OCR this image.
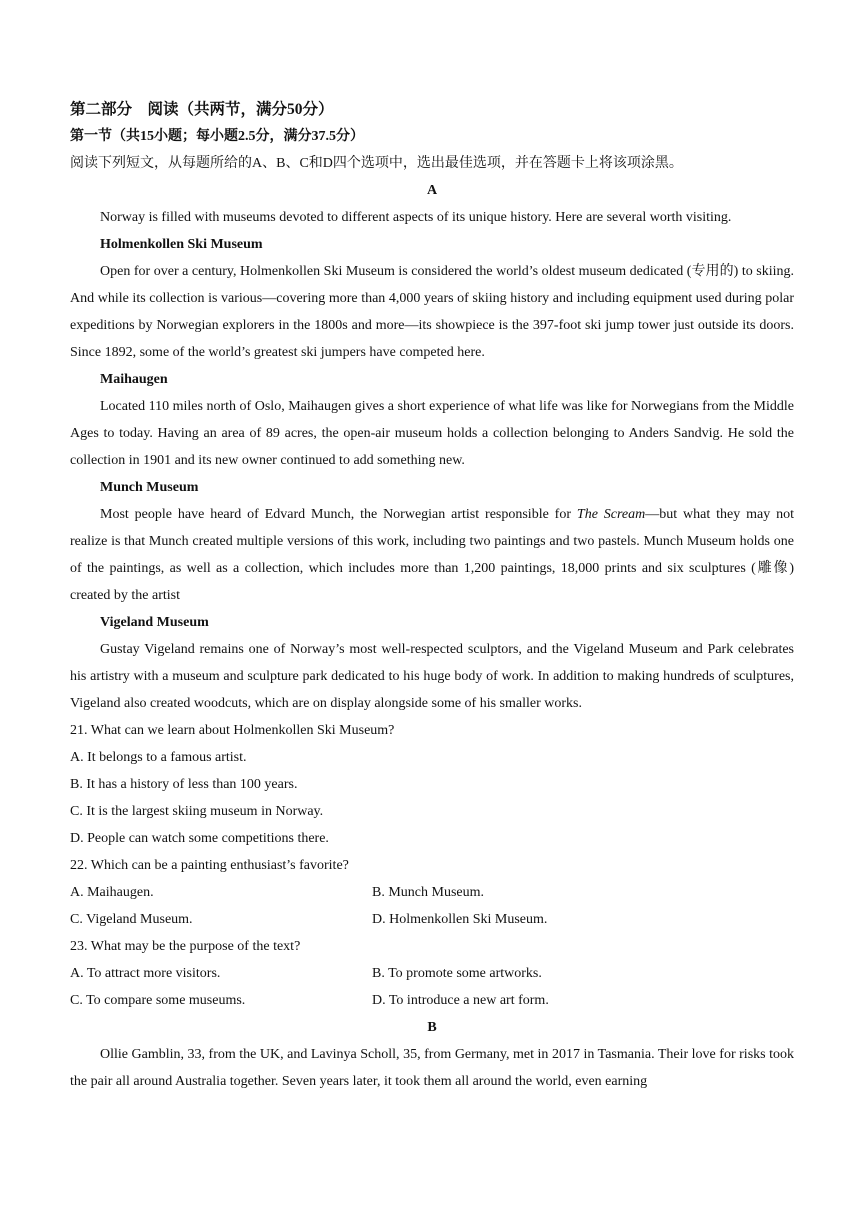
第二部分　阅读（共两节，满分50分）
第一节（共15小题；每小题2.5分，满分37.5分）
阅读下列短文，从每题所给的A、B、C和D四个选项中，选出最佳选项，并在答题卡上将该项涂黑。
A

Norway is filled with museums devoted to different aspects of its unique history. Here are several worth visiting.

Holmenkollen Ski Museum

Open for over a century, Holmenkollen Ski Museum is considered the world’s oldest museum dedicated (专用的) to skiing. And while its collection is various—covering more than 4,000 years of skiing history and including equipment used during polar expeditions by Norwegian explorers in the 1800s and more—its showpiece is the 397-foot ski jump tower just outside its doors. Since 1892, some of the world’s greatest ski jumpers have competed here.

Maihaugen

Located 110 miles north of Oslo, Maihaugen gives a short experience of what life was like for Norwegians from the Middle Ages to today. Having an area of 89 acres, the open-air museum holds a collection belonging to Anders Sandvig. He sold the collection in 1901 and its new owner continued to add something new.

Munch Museum

Most people have heard of Edvard Munch, the Norwegian artist responsible for The Scream—but what they may not realize is that Munch created multiple versions of this work, including two paintings and two pastels. Munch Museum holds one of the paintings, as well as a collection, which includes more than 1,200 paintings, 18,000 prints and six sculptures (雕像) created by the artist

Vigeland Museum

Gustay Vigeland remains one of Norway’s most well-respected sculptors, and the Vigeland Museum and Park celebrates his artistry with a museum and sculpture park dedicated to his huge body of work. In addition to making hundreds of sculptures, Vigeland also created woodcuts, which are on display alongside some of his smaller works.

21. What can we learn about Holmenkollen Ski Museum?
A. It belongs to a famous artist.
B. It has a history of less than 100 years.
C. It is the largest skiing museum in Norway.
D. People can watch some competitions there.
22. Which can be a painting enthusiast’s favorite?
A. Maihaugen.	B. Munch Museum.
C. Vigeland Museum.	D. Holmenkollen Ski Museum.
23. What may be the purpose of the text?
A. To attract more visitors.	B. To promote some artworks.
C. To compare some museums.	D. To introduce a new art form.
B

Ollie Gamblin, 33, from the UK, and Lavinya Scholl, 35, from Germany, met in 2017 in Tasmania. Their love for risks took the pair all around Australia together. Seven years later, it took them all around the world, even earning
